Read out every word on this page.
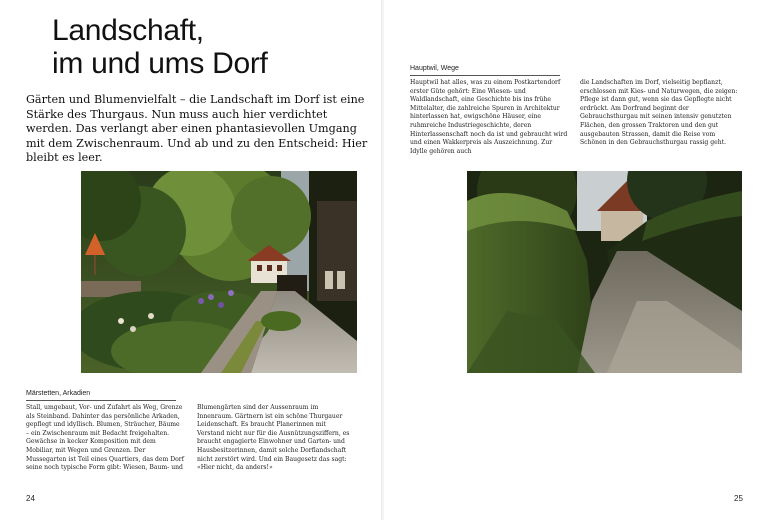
Landschaft,
im und ums Dorf

Gärten und Blumenvielfalt – die Landschaft im Dorf ist eine Stärke des Thurgaus. Nun muss auch hier verdichtet werden. Das verlangt aber einen phantasievollen Umgang mit dem Zwischenraum. Und ab und zu den Entscheid: Hier bleibt es leer.

Märstetten, Arkadien

Stall, umgebaut, Vor- und Zufahrt als Weg, Grenze als Steinband. Dahinter das persönliche Arkaden, gepflegt und idyllisch. Blumen, Sträucher, Bäume – ein Zwischenraum mit Bedacht freigehalten. Gewächse in kecker Komposition mit dem Mobiliar, mit Wegen und Grenzen. Der Mussegarten ist Teil eines Quartiers, das dem Dorf seine noch typische Form gibt: Wiesen, Baum- und

Blumengärten sind der Aussenraum im Innenraum. Gärtnern ist ein schöne Thurgauer Leidenschaft. Es braucht Planerinnen mit Verstand nicht nur für die Ausnützungsziffern, es braucht engagierte Einwohner und Garten- und Hausbesitzerinnen, damit solche Dorflandschaft nicht zerstört wird. Und ein Baugesetz das sagt: «Hier nicht, da anders!»

24

Hauptwil, Wege

Hauptwil hat alles, was zu einem Postkartendorf erster Güte gehört: Eine Wiesen- und Waldlandschaft, eine Geschichte bis ins frühe Mittelalter, die zahlreiche Spuren in Architektur hinterlassen hat, ewigschöne Häuser, eine ruhmreiche Industriegeschichte, deren Hinterlassenschaft noch da ist und gebraucht wird und einen Wakkerpreis als Auszeichnung. Zur Idylle gehören auch

die Landschaften im Dorf, vielseitig bepflanzt, erschlossen mit Kies- und Naturwegen, die zeigen: Pflege ist dann gut, wenn sie das Gepflegte nicht erdrückt. Am Dorfrand beginnt der Gebrauchsthurgau mit seinen intensiv genutzten Flächen, den grossen Traktoren und den gut ausgebauten Strassen, damit die Reise vom Schönen in den Gebrauchsthurgau rassig geht.

25
